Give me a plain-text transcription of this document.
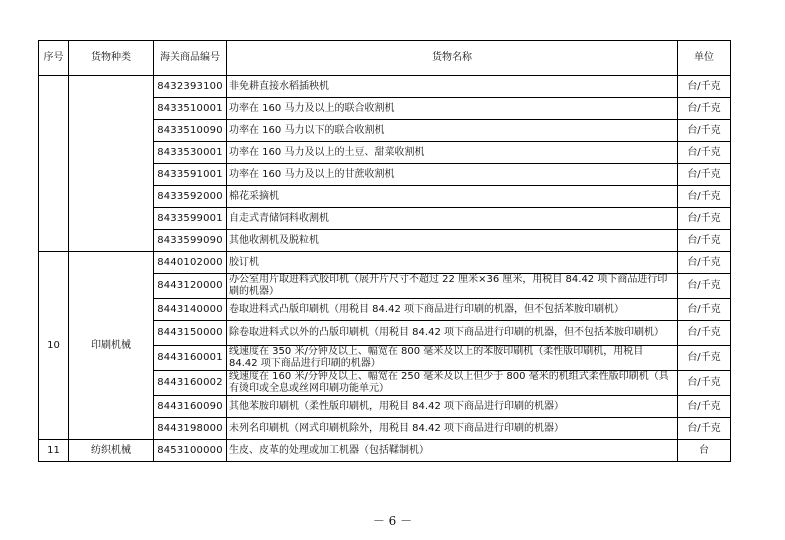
序号	货物种类	海关商品编号	货物名称	单位
		8432393100	非免耕直接水稻插秧机	台/千克
		8433510001	功率在 160 马力及以上的联合收割机	台/千克
		8433510090	功率在 160 马力以下的联合收割机	台/千克
		8433530001	功率在 160 马力及以上的土豆、甜菜收割机	台/千克
		8433591001	功率在 160 马力及以上的甘蔗收割机	台/千克
		8433592000	棉花采摘机	台/千克
		8433599001	自走式青储饲料收割机	台/千克
		8433599090	其他收割机及脱粒机	台/千克
10	印刷机械	8440102000	胶订机	台/千克
		8443120000	办公室用片取进料式胶印机（展开片尺寸不超过 22 厘米×36 厘米，用税目 84.42 项下商品进行印刷的机器）	台/千克
		8443140000	卷取进料式凸版印刷机（用税目 84.42 项下商品进行印刷的机器，但不包括苯胺印刷机）	台/千克
		8443150000	除卷取进料式以外的凸版印刷机（用税目 84.42 项下商品进行印刷的机器，但不包括苯胺印刷机）	台/千克
		8443160001	线速度在 350 米/分钟及以上、幅宽在 800 毫米及以上的苯胺印刷机（柔性版印刷机，用税目 84.42 项下商品进行印刷的机器）	台/千克
		8443160002	线速度在 160 米/分钟及以上、幅宽在 250 毫米及以上但少于 800 毫米的机组式柔性版印刷机（具有烫印或全息或丝网印刷功能单元）	台/千克
		8443160090	其他苯胺印刷机（柔性版印刷机，用税目 84.42 项下商品进行印刷的机器）	台/千克
		8443198000	未列名印刷机（网式印刷机除外，用税目 84.42 项下商品进行印刷的机器）	台/千克
11	纺织机械	8453100000	生皮、皮革的处理或加工机器（包括鞣制机）	台
－ 6 －
